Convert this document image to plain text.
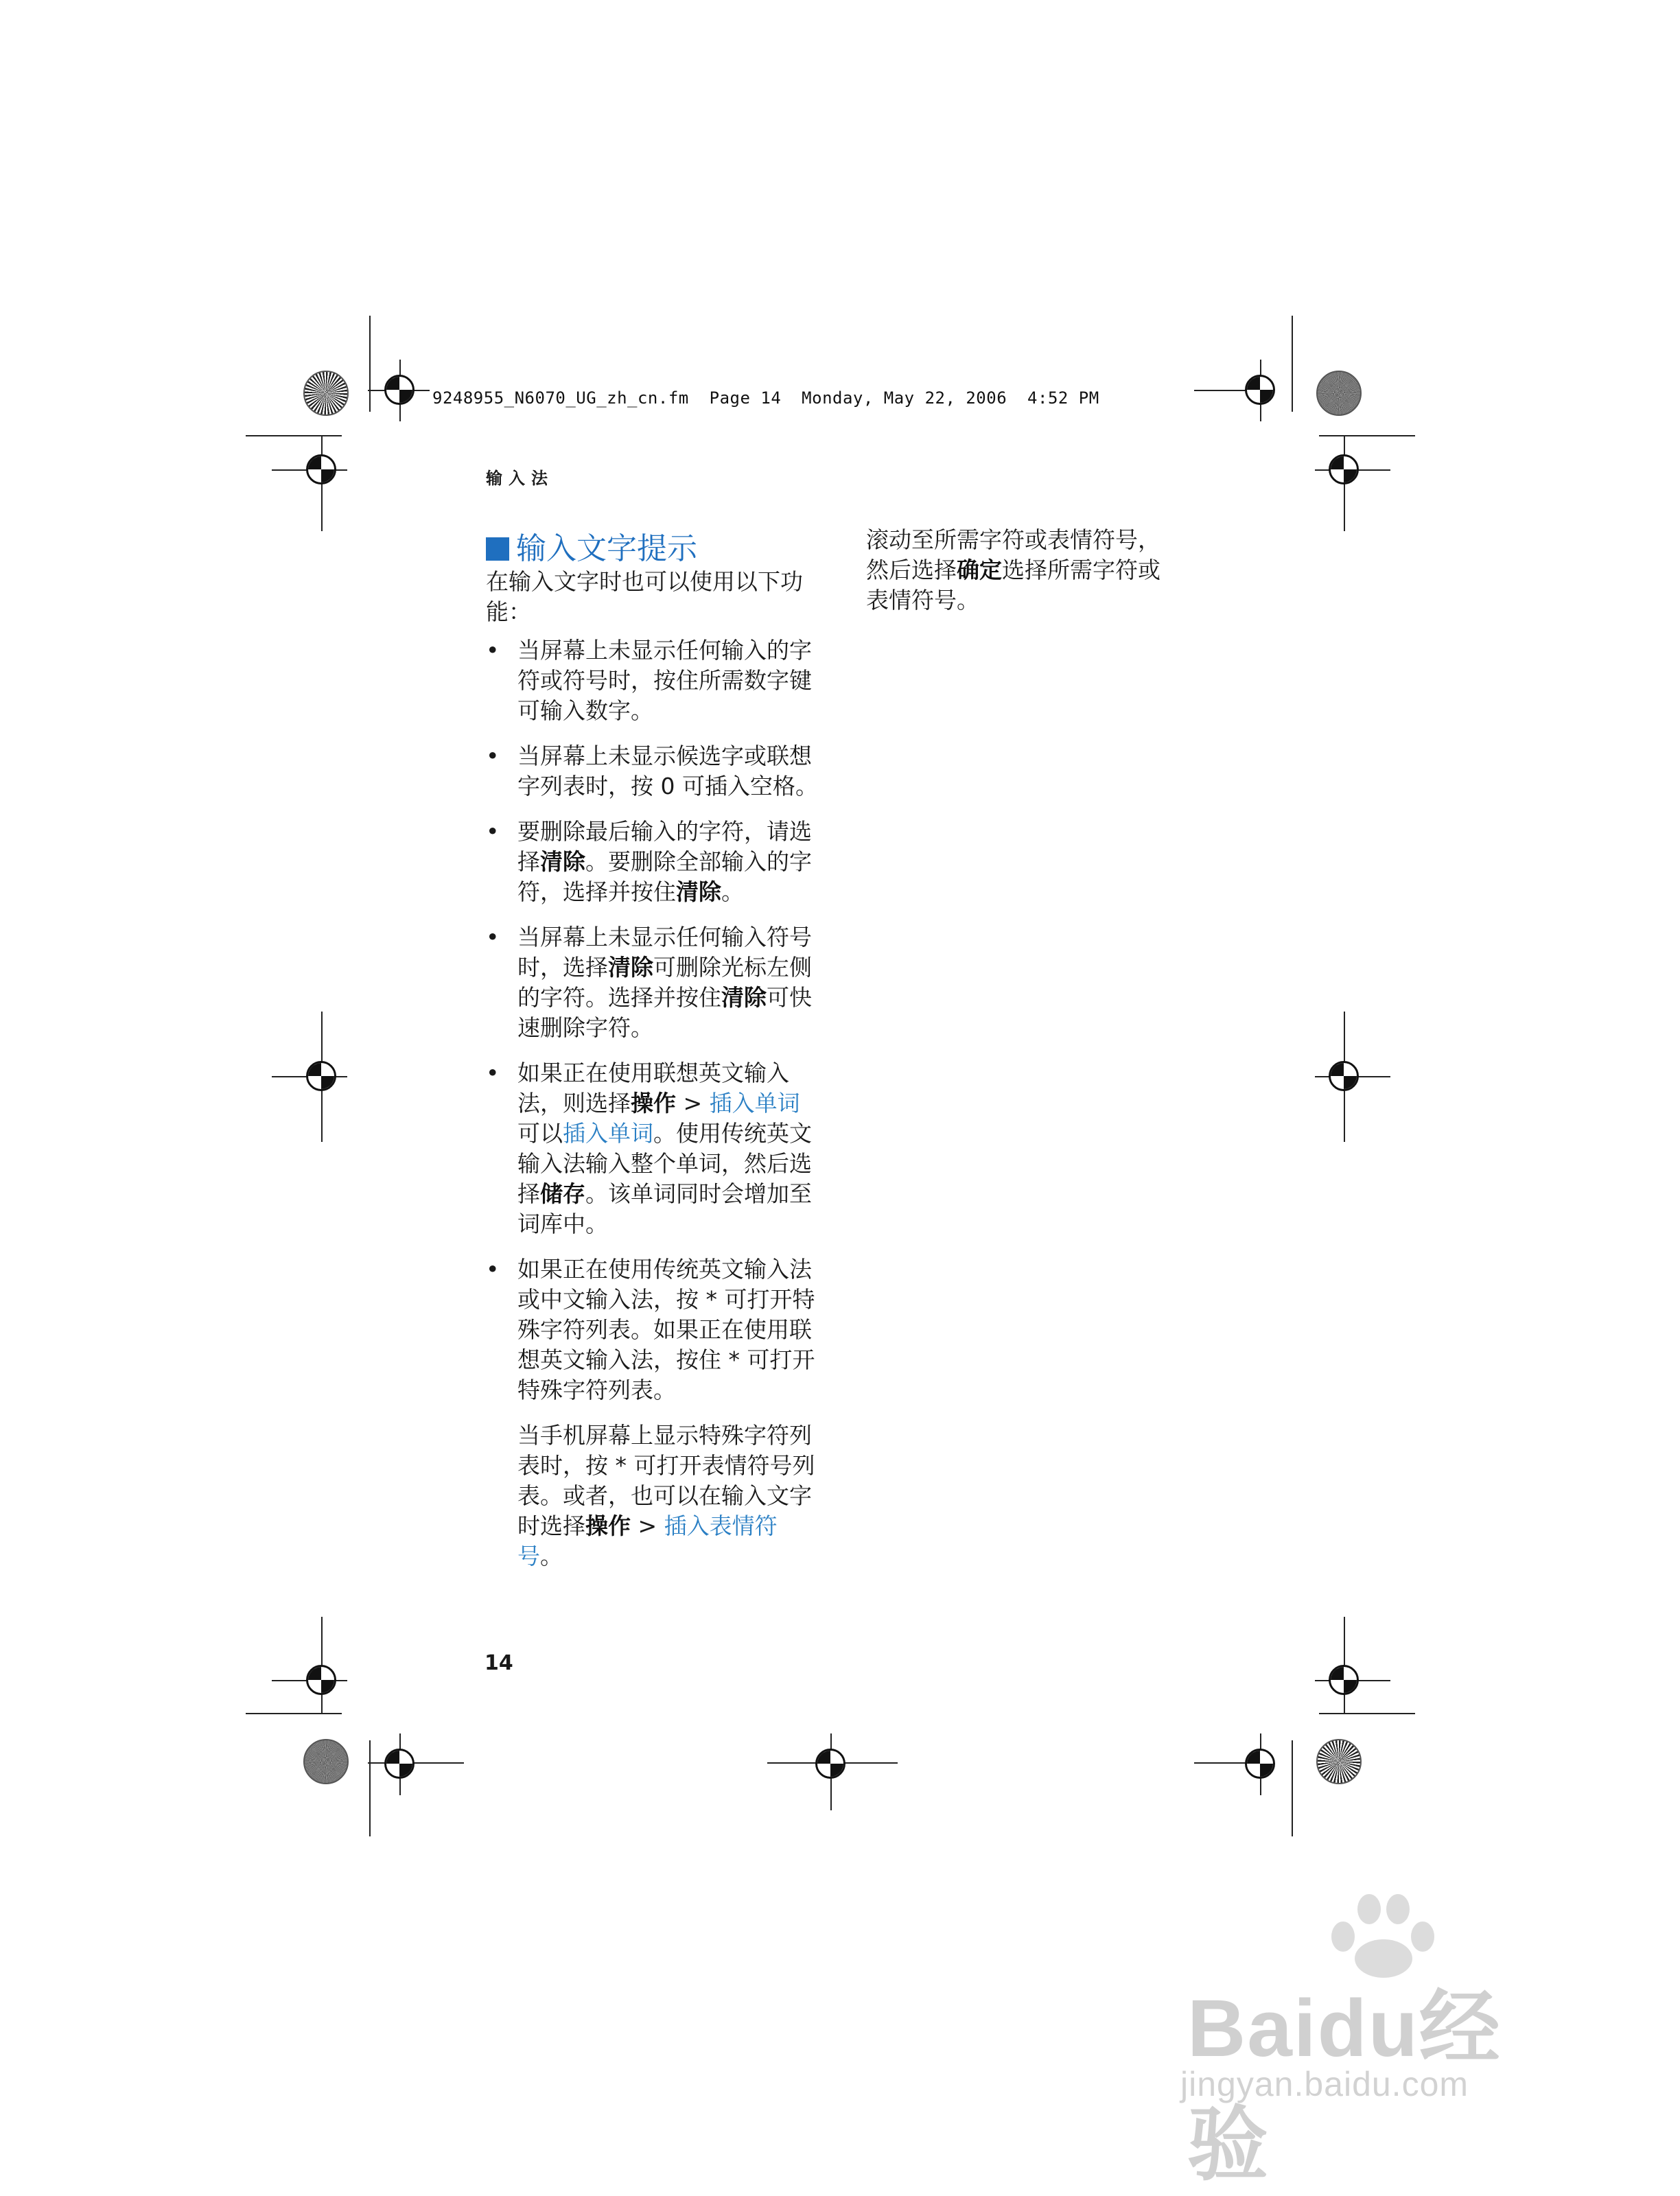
9248955_N6070_UG_zh_cn.fm  Page 14  Monday, May 22, 2006  4:52 PM
输入法
输入文字提示

在输入文字时也可以使用以下功能：

• 当屏幕上未显示任何输入的字符或符号时，按住所需数字键可输入数字。
• 当屏幕上未显示候选字或联想字列表时，按 0 可插入空格。
• 要删除最后输入的字符，请选择清除。要删除全部输入的字符，选择并按住清除。
• 当屏幕上未显示任何输入符号时，选择清除可删除光标左侧的字符。选择并按住清除可快速删除字符。
• 如果正在使用联想英文输入法，则选择操作 > 插入单词可以插入单词。使用传统英文输入法输入整个单词，然后选择储存。该单词同时会增加至词库中。
• 如果正在使用传统英文输入法或中文输入法，按 * 可打开特殊字符列表。如果正在使用联想英文输入法，按住 * 可打开特殊字符列表。

当手机屏幕上显示特殊字符列表时，按 * 可打开表情符号列表。或者，也可以在输入文字时选择操作 > 插入表情符号。

滚动至所需字符或表情符号，然后选择确定选择所需字符或表情符号。

14
Baidu经验
jingyan.baidu.com
